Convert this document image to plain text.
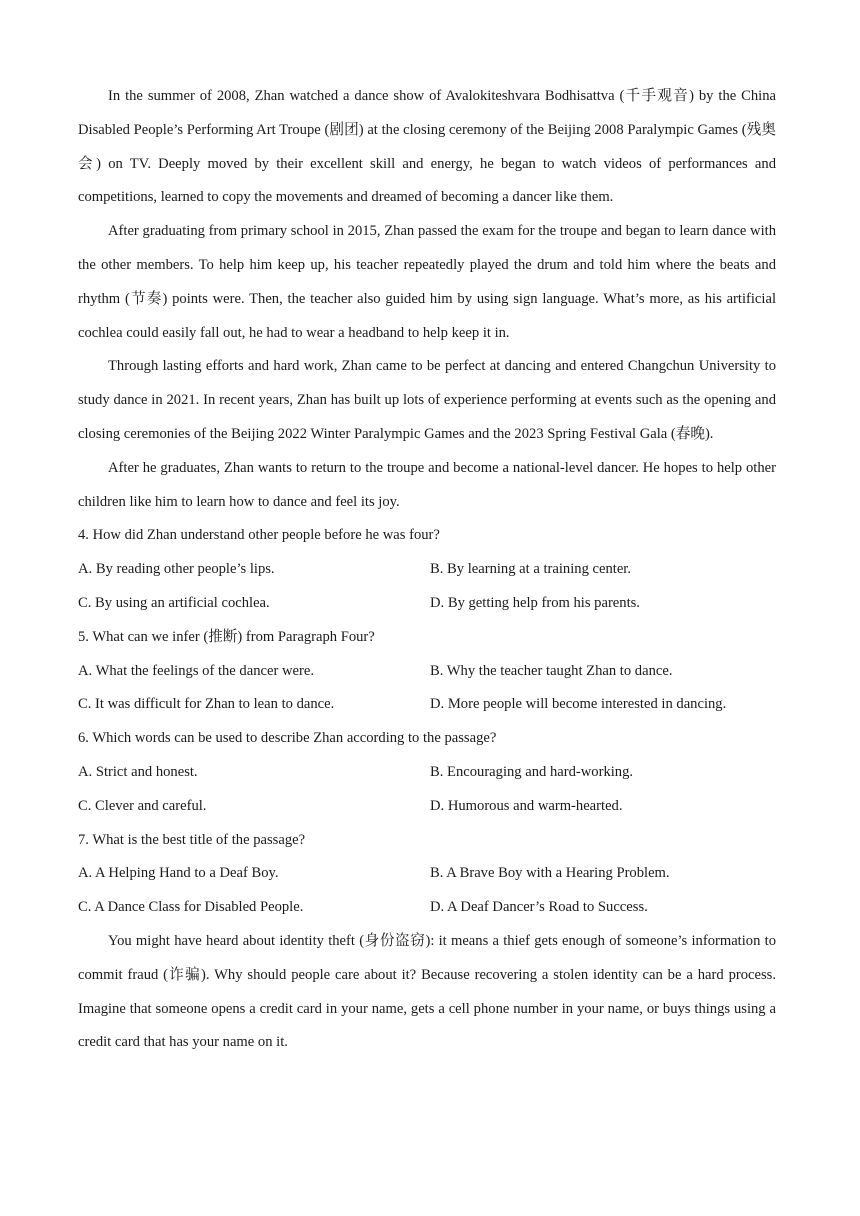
In the summer of 2008, Zhan watched a dance show of Avalokiteshvara Bodhisattva (千手观音) by the China Disabled People’s Performing Art Troupe (剧团) at the closing ceremony of the Beijing 2008 Paralympic Games (残奥会) on TV. Deeply moved by their excellent skill and energy, he began to watch videos of performances and competitions, learned to copy the movements and dreamed of becoming a dancer like them.

After graduating from primary school in 2015, Zhan passed the exam for the troupe and began to learn dance with the other members. To help him keep up, his teacher repeatedly played the drum and told him where the beats and rhythm (节奏) points were. Then, the teacher also guided him by using sign language. What’s more, as his artificial cochlea could easily fall out, he had to wear a headband to help keep it in.

Through lasting efforts and hard work, Zhan came to be perfect at dancing and entered Changchun University to study dance in 2021. In recent years, Zhan has built up lots of experience performing at events such as the opening and closing ceremonies of the Beijing 2022 Winter Paralympic Games and the 2023 Spring Festival Gala (春晚).

After he graduates, Zhan wants to return to the troupe and become a national-level dancer. He hopes to help other children like him to learn how to dance and feel its joy.

4. How did Zhan understand other people before he was four?

A. By reading other people’s lips.	B. By learning at a training center.
C. By using an artificial cochlea.	D. By getting help from his parents.

5. What can we infer (推断) from Paragraph Four?

A. What the feelings of the dancer were.	B. Why the teacher taught Zhan to dance.
C. It was difficult for Zhan to lean to dance.	D. More people will become interested in dancing.

6. Which words can be used to describe Zhan according to the passage?

A. Strict and honest.	B. Encouraging and hard-working.
C. Clever and careful.	D. Humorous and warm-hearted.

7. What is the best title of the passage?

A. A Helping Hand to a Deaf Boy.	B. A Brave Boy with a Hearing Problem.
C. A Dance Class for Disabled People.	D. A Deaf Dancer’s Road to Success.

You might have heard about identity theft (身份盗窃): it means a thief gets enough of someone’s information to commit fraud (诈骗). Why should people care about it? Because recovering a stolen identity can be a hard process. Imagine that someone opens a credit card in your name, gets a cell phone number in your name, or buys things using a credit card that has your name on it.
